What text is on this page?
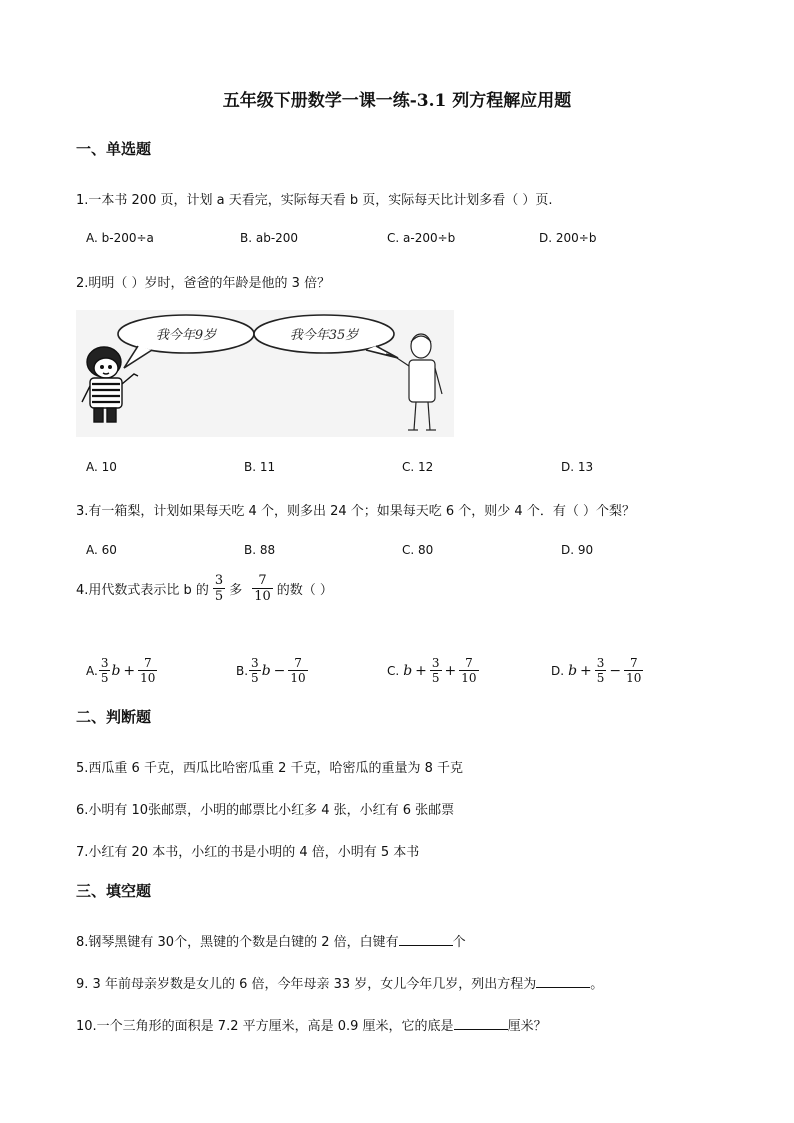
五年级下册数学一课一练-3.1 列方程解应用题
一、单选题
1.一本书 200 页，计划 a 天看完，实际每天看 b 页，实际每天比计划多看（ ）页.
A. b-200÷a	B. ab-200	C. a-200÷b	D. 200÷b
2.明明（ ）岁时，爸爸的年龄是他的 3 倍？
我今年9岁	我今年35岁
A. 10	B. 11	C. 12	D. 13
3.有一箱梨，计划如果每天吃 4 个，则多出 24 个；如果每天吃 6 个，则少 4 个．有（ ）个梨？
A. 60	B. 88	C. 80	D. 90
4.用代数式表示比 b 的 $\frac{3}{5}$ 多 $\frac{7}{10}$ 的数（ ）
A. $\frac{3}{5}$ $b + \frac{7}{10}$	B. $\frac{3}{5}$ $b - \frac{7}{10}$	C. $b + \frac{3}{5} + \frac{7}{10}$	D. $b + \frac{3}{5} - \frac{7}{10}$
二、判断题
5.西瓜重 6 千克，西瓜比哈密瓜重 2 千克，哈密瓜的重量为 8 千克
6.小明有 10张邮票，小明的邮票比小红多 4 张，小红有 6 张邮票
7.小红有 20 本书，小红的书是小明的 4 倍，小明有 5 本书
三、填空题
8.钢琴黑键有 30个，黑键的个数是白键的 2 倍，白键有	个
9. 3 年前母亲岁数是女儿的 6 倍，今年母亲 33 岁，女儿今年几岁，列出方程为	。
10.一个三角形的面积是 7.2 平方厘米，高是 0.9 厘米，它的底是	厘米？
